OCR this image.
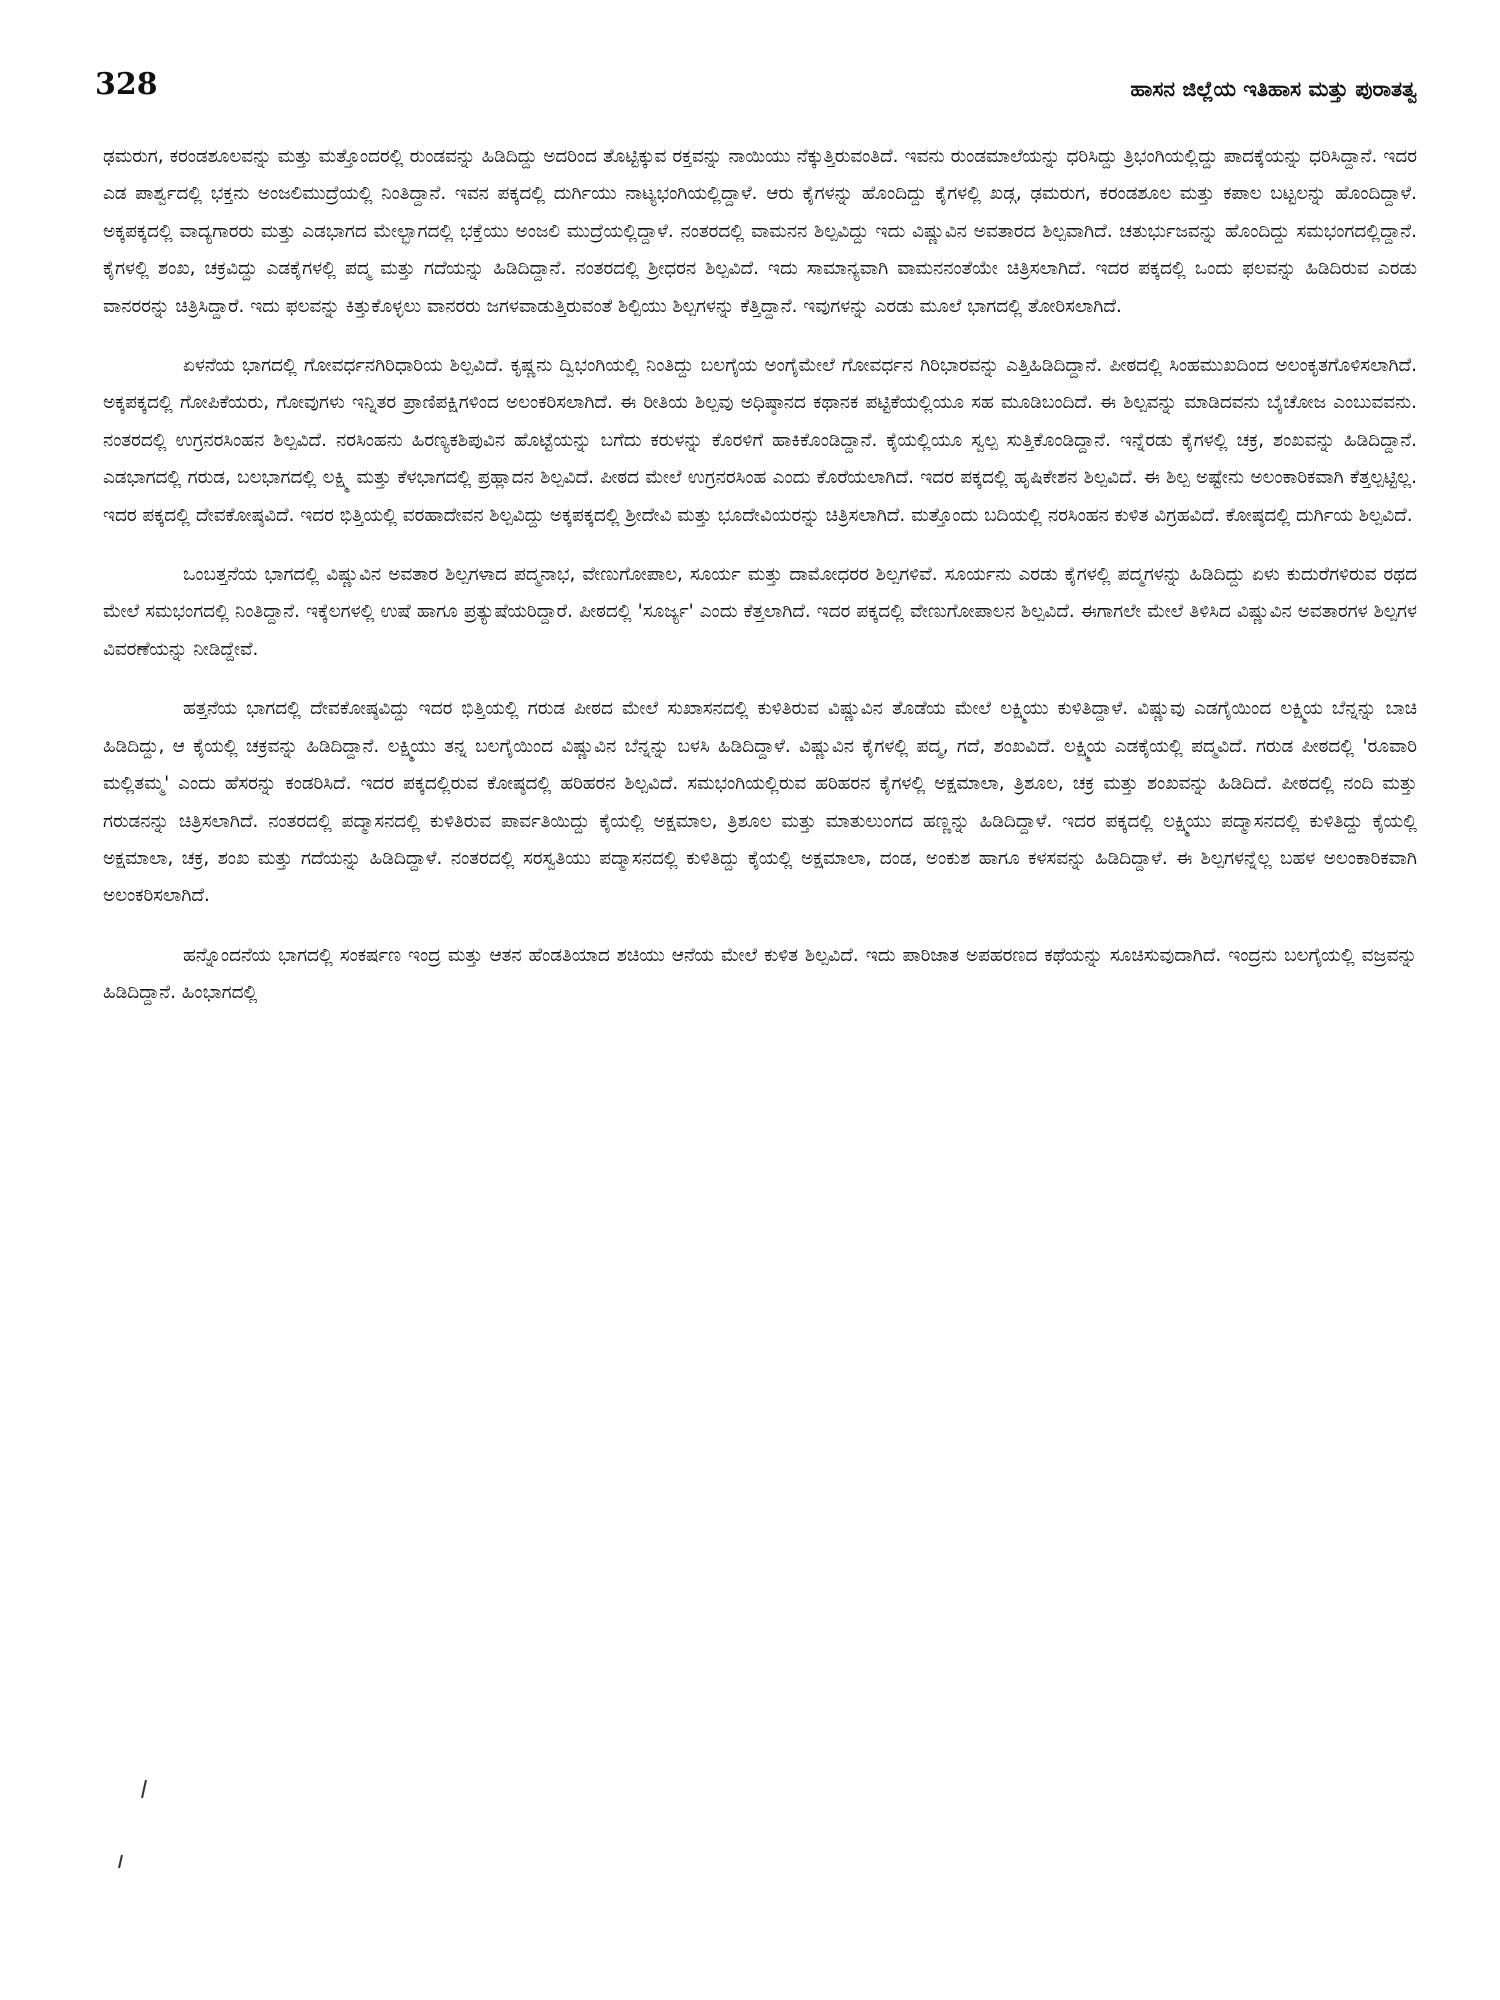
328	ಹಾಸನ ಜಿಲ್ಲೆಯ ಇತಿಹಾಸ ಮತ್ತು ಪುರಾತತ್ವ

ಢಮರುಗ, ಕರಂಡಶೂಲವನ್ನು ಮತ್ತು ಮತ್ತೊಂದರಲ್ಲಿ ರುಂಡವನ್ನು ಹಿಡಿದಿದ್ದು ಅದರಿಂದ ತೊಟ್ಟಿಕ್ಕುವ ರಕ್ತವನ್ನು ನಾಯಿಯು ನೆಕ್ಕುತ್ತಿರುವಂತಿದೆ. ಇವನು ರುಂಡಮಾಲೆಯನ್ನು ಧರಿಸಿದ್ದು ತ್ರಿಭಂಗಿಯಲ್ಲಿದ್ದು ಪಾದಕ್ಕೆಯನ್ನು ಧರಿಸಿದ್ದಾನೆ. ಇದರ ಎಡ ಪಾರ್ಶ್ವದಲ್ಲಿ ಭಕ್ತನು ಅಂಜಲಿಮುದ್ರೆಯಲ್ಲಿ ನಿಂತಿದ್ದಾನೆ. ಇವನ ಪಕ್ಕದಲ್ಲಿ ದುರ್ಗಿಯು ನಾಟ್ಯಭಂಗಿಯಲ್ಲಿದ್ದಾಳೆ. ಆರು ಕೈಗಳನ್ನು ಹೊಂದಿದ್ದು ಕೈಗಳಲ್ಲಿ ಖಡ್ಗ, ಢಮರುಗ, ಕರಂಡಶೂಲ ಮತ್ತು ಕಪಾಲ ಬಟ್ಟಲನ್ನು ಹೊಂದಿದ್ದಾಳೆ. ಅಕ್ಕಪಕ್ಕದಲ್ಲಿ ವಾದ್ಯಗಾರರು ಮತ್ತು ಎಡಭಾಗದ ಮೇಲ್ಭಾಗದಲ್ಲಿ ಭಕ್ತೆಯು ಅಂಜಲಿ ಮುದ್ರೆಯಲ್ಲಿದ್ದಾಳೆ. ನಂತರದಲ್ಲಿ ವಾಮನನ ಶಿಲ್ಪವಿದ್ದು ಇದು ವಿಷ್ಣುವಿನ ಅವತಾರದ ಶಿಲ್ಪವಾಗಿದೆ. ಚತುರ್ಭುಜವನ್ನು ಹೊಂದಿದ್ದು ಸಮಭಂಗದಲ್ಲಿದ್ದಾನೆ. ಕೈಗಳಲ್ಲಿ ಶಂಖ, ಚಕ್ರವಿದ್ದು ಎಡಕೈಗಳಲ್ಲಿ ಪದ್ಮ ಮತ್ತು ಗದೆಯನ್ನು ಹಿಡಿದಿದ್ದಾನೆ. ನಂತರದಲ್ಲಿ ಶ್ರೀಧರನ ಶಿಲ್ಪವಿದೆ. ಇದು ಸಾಮಾನ್ಯವಾಗಿ ವಾಮನನಂತೆಯೇ ಚಿತ್ರಿಸಲಾಗಿದೆ. ಇದರ ಪಕ್ಕದಲ್ಲಿ ಒಂದು ಫಲವನ್ನು ಹಿಡಿದಿರುವ ಎರಡು ವಾನರರನ್ನು ಚಿತ್ರಿಸಿದ್ದಾರೆ. ಇದು ಫಲವನ್ನು ಕಿತ್ತುಕೊಳ್ಳಲು ವಾನರರು ಜಗಳವಾಡುತ್ತಿರುವಂತೆ ಶಿಲ್ಪಿಯು ಶಿಲ್ಪಗಳನ್ನು ಕೆತ್ತಿದ್ದಾನೆ. ಇವುಗಳನ್ನು ಎರಡು ಮೂಲೆ ಭಾಗದಲ್ಲಿ ತೋರಿಸಲಾಗಿದೆ.

ಏಳನೆಯ ಭಾಗದಲ್ಲಿ ಗೋವರ್ಧನಗಿರಿಧಾರಿಯ ಶಿಲ್ಪವಿದೆ. ಕೃಷ್ಣನು ದ್ವಿಭಂಗಿಯಲ್ಲಿ ನಿಂತಿದ್ದು ಬಲಗೈಯ ಅಂಗೈಮೇಲೆ ಗೋವರ್ಧನ ಗಿರಿಭಾರವನ್ನು ಎತ್ತಿಹಿಡಿದಿದ್ದಾನೆ. ಪೀಠದಲ್ಲಿ ಸಿಂಹಮುಖದಿಂದ ಅಲಂಕೃತಗೊಳಿಸಲಾಗಿದೆ. ಅಕ್ಕಪಕ್ಕದಲ್ಲಿ ಗೋಪಿಕೆಯರು, ಗೋವುಗಳು ಇನ್ನಿತರ ಪ್ರಾಣಿಪಕ್ಷಿಗಳಿಂದ ಅಲಂಕರಿಸಲಾಗಿದೆ. ಈ ರೀತಿಯ ಶಿಲ್ಪವು ಅಧಿಷ್ಠಾನದ ಕಥಾನಕ ಪಟ್ಟಿಕೆಯಲ್ಲಿಯೂ ಸಹ ಮೂಡಿಬಂದಿದೆ. ಈ ಶಿಲ್ಪವನ್ನು ಮಾಡಿದವನು ಬೈಚೋಜ ಎಂಬುವವನು. ನಂತರದಲ್ಲಿ ಉಗ್ರನರಸಿಂಹನ ಶಿಲ್ಪವಿದೆ. ನರಸಿಂಹನು ಹಿರಣ್ಯಕಶಿಪುವಿನ ಹೊಟ್ಟೆಯನ್ನು ಬಗೆದು ಕರುಳನ್ನು ಕೊರಳಿಗೆ ಹಾಕಿಕೊಂಡಿದ್ದಾನೆ. ಕೈಯಲ್ಲಿಯೂ ಸ್ವಲ್ಪ ಸುತ್ತಿಕೊಂಡಿದ್ದಾನೆ. ಇನ್ನೆರಡು ಕೈಗಳಲ್ಲಿ ಚಕ್ರ, ಶಂಖವನ್ನು ಹಿಡಿದಿದ್ದಾನೆ. ಎಡಭಾಗದಲ್ಲಿ ಗರುಡ, ಬಲಭಾಗದಲ್ಲಿ ಲಕ್ಷ್ಮಿ ಮತ್ತು ಕೆಳಭಾಗದಲ್ಲಿ ಪ್ರಹ್ಲಾದನ ಶಿಲ್ಪವಿದೆ. ಪೀಠದ ಮೇಲೆ ಉಗ್ರನರಸಿಂಹ ಎಂದು ಕೊರೆಯಲಾಗಿದೆ. ಇದರ ಪಕ್ಕದಲ್ಲಿ ಹೃಷಿಕೇಶನ ಶಿಲ್ಪವಿದೆ. ಈ ಶಿಲ್ಪ ಅಷ್ಟೇನು ಅಲಂಕಾರಿಕವಾಗಿ ಕೆತ್ತಲ್ಪಟ್ಟಿಲ್ಲ. ಇದರ ಪಕ್ಕದಲ್ಲಿ ದೇವಕೋಷ್ಠವಿದೆ. ಇದರ ಭಿತ್ತಿಯಲ್ಲಿ ವರಹಾದೇವನ ಶಿಲ್ಪವಿದ್ದು ಅಕ್ಕಪಕ್ಕದಲ್ಲಿ ಶ್ರೀದೇವಿ ಮತ್ತು ಭೂದೇವಿಯರನ್ನು ಚಿತ್ರಿಸಲಾಗಿದೆ. ಮತ್ತೊಂದು ಬದಿಯಲ್ಲಿ ನರಸಿಂಹನ ಕುಳಿತ ವಿಗ್ರಹವಿದೆ. ಕೋಷ್ಠದಲ್ಲಿ ದುರ್ಗಿಯ ಶಿಲ್ಪವಿದೆ.

ಒಂಬತ್ತನೆಯ ಭಾಗದಲ್ಲಿ ವಿಷ್ಣುವಿನ ಅವತಾರ ಶಿಲ್ಪಗಳಾದ ಪದ್ಮನಾಭ, ವೇಣುಗೋಪಾಲ, ಸೂರ್ಯ ಮತ್ತು ದಾಮೋಧರರ ಶಿಲ್ಪಗಳಿವೆ. ಸೂರ್ಯನು ಎರಡು ಕೈಗಳಲ್ಲಿ ಪದ್ಮಗಳನ್ನು ಹಿಡಿದಿದ್ದು ಏಳು ಕುದುರೆಗಳಿರುವ ರಥದ ಮೇಲೆ ಸಮಭಂಗದಲ್ಲಿ ನಿಂತಿದ್ದಾನೆ. ಇಕ್ಕೆಲಗಳಲ್ಲಿ ಉಷೆ ಹಾಗೂ ಪ್ರತ್ಯುಷೆಯರಿದ್ದಾರೆ. ಪೀಠದಲ್ಲಿ 'ಸೂರ್ಜ್ಯ' ಎಂದು ಕೆತ್ತಲಾಗಿದೆ. ಇದರ ಪಕ್ಕದಲ್ಲಿ ವೇಣುಗೋಪಾಲನ ಶಿಲ್ಪವಿದೆ. ಈಗಾಗಲೇ ಮೇಲೆ ತಿಳಿಸಿದ ವಿಷ್ಣುವಿನ ಅವತಾರಗಳ ಶಿಲ್ಪಗಳ ವಿವರಣೆಯನ್ನು ನೀಡಿದ್ದೇವೆ.

ಹತ್ತನೆಯ ಭಾಗದಲ್ಲಿ ದೇವಕೋಷ್ಠವಿದ್ದು ಇದರ ಭಿತ್ತಿಯಲ್ಲಿ ಗರುಡ ಪೀಠದ ಮೇಲೆ ಸುಖಾಸನದಲ್ಲಿ ಕುಳಿತಿರುವ ವಿಷ್ಣುವಿನ ತೊಡೆಯ ಮೇಲೆ ಲಕ್ಷ್ಮಿಯು ಕುಳಿತಿದ್ದಾಳೆ. ವಿಷ್ಣುವು ಎಡಗೈಯಿಂದ ಲಕ್ಷ್ಮಿಯ ಬೆನ್ನನ್ನು ಬಾಚಿ ಹಿಡಿದಿದ್ದು, ಆ ಕೈಯಲ್ಲಿ ಚಕ್ರವನ್ನು ಹಿಡಿದಿದ್ದಾನೆ. ಲಕ್ಷ್ಮಿಯು ತನ್ನ ಬಲಗೈಯಿಂದ ವಿಷ್ಣುವಿನ ಬೆನ್ನನ್ನು ಬಳಸಿ ಹಿಡಿದಿದ್ದಾಳೆ. ವಿಷ್ಣುವಿನ ಕೈಗಳಲ್ಲಿ ಪದ್ಮ, ಗದೆ, ಶಂಖವಿದೆ. ಲಕ್ಷ್ಮಿಯ ಎಡಕೈಯಲ್ಲಿ ಪದ್ಮವಿದೆ. ಗರುಡ ಪೀಠದಲ್ಲಿ 'ರೂವಾರಿ ಮಲ್ಲಿತಮ್ಮ' ಎಂದು ಹೆಸರನ್ನು ಕಂಡರಿಸಿದೆ. ಇದರ ಪಕ್ಕದಲ್ಲಿರುವ ಕೋಷ್ಠದಲ್ಲಿ ಹರಿಹರನ ಶಿಲ್ಪವಿದೆ. ಸಮಭಂಗಿಯಲ್ಲಿರುವ ಹರಿಹರನ ಕೈಗಳಲ್ಲಿ ಅಕ್ಷಮಾಲಾ, ತ್ರಿಶೂಲ, ಚಕ್ರ ಮತ್ತು ಶಂಖವನ್ನು ಹಿಡಿದಿದೆ. ಪೀಠದಲ್ಲಿ ನಂದಿ ಮತ್ತು ಗರುಡನನ್ನು ಚಿತ್ರಿಸಲಾಗಿದೆ. ನಂತರದಲ್ಲಿ ಪದ್ಮಾಸನದಲ್ಲಿ ಕುಳಿತಿರುವ ಪಾರ್ವತಿಯಿದ್ದು ಕೈಯಲ್ಲಿ ಅಕ್ಷಮಾಲ, ತ್ರಿಶೂಲ ಮತ್ತು ಮಾತುಲುಂಗದ ಹಣ್ಣನ್ನು ಹಿಡಿದಿದ್ದಾಳೆ. ಇದರ ಪಕ್ಕದಲ್ಲಿ ಲಕ್ಷ್ಮಿಯು ಪದ್ಮಾಸನದಲ್ಲಿ ಕುಳಿತಿದ್ದು ಕೈಯಲ್ಲಿ ಅಕ್ಷಮಾಲಾ, ಚಕ್ರ, ಶಂಖ ಮತ್ತು ಗದೆಯನ್ನು ಹಿಡಿದಿದ್ದಾಳೆ. ನಂತರದಲ್ಲಿ ಸರಸ್ವತಿಯು ಪದ್ಮಾಸನದಲ್ಲಿ ಕುಳಿತಿದ್ದು ಕೈಯಲ್ಲಿ ಅಕ್ಷಮಾಲಾ, ದಂಡ, ಅಂಕುಶ ಹಾಗೂ ಕಳಸವನ್ನು ಹಿಡಿದಿದ್ದಾಳೆ. ಈ ಶಿಲ್ಪಗಳನ್ನೆಲ್ಲ ಬಹಳ ಅಲಂಕಾರಿಕವಾಗಿ ಅಲಂಕರಿಸಲಾಗಿದೆ.

ಹನ್ನೊಂದನೆಯ ಭಾಗದಲ್ಲಿ ಸಂಕರ್ಷಣ ಇಂದ್ರ ಮತ್ತು ಆತನ ಹೆಂಡತಿಯಾದ ಶಚಿಯು ಆನೆಯ ಮೇಲೆ ಕುಳಿತ ಶಿಲ್ಪವಿದೆ. ಇದು ಪಾರಿಜಾತ ಅಪಹರಣದ ಕಥೆಯನ್ನು ಸೂಚಿಸುವುದಾಗಿದೆ. ಇಂದ್ರನು ಬಲಗೈಯಲ್ಲಿ ವಜ್ರವನ್ನು ಹಿಡಿದಿದ್ದಾನೆ. ಹಿಂಭಾಗದಲ್ಲಿ
